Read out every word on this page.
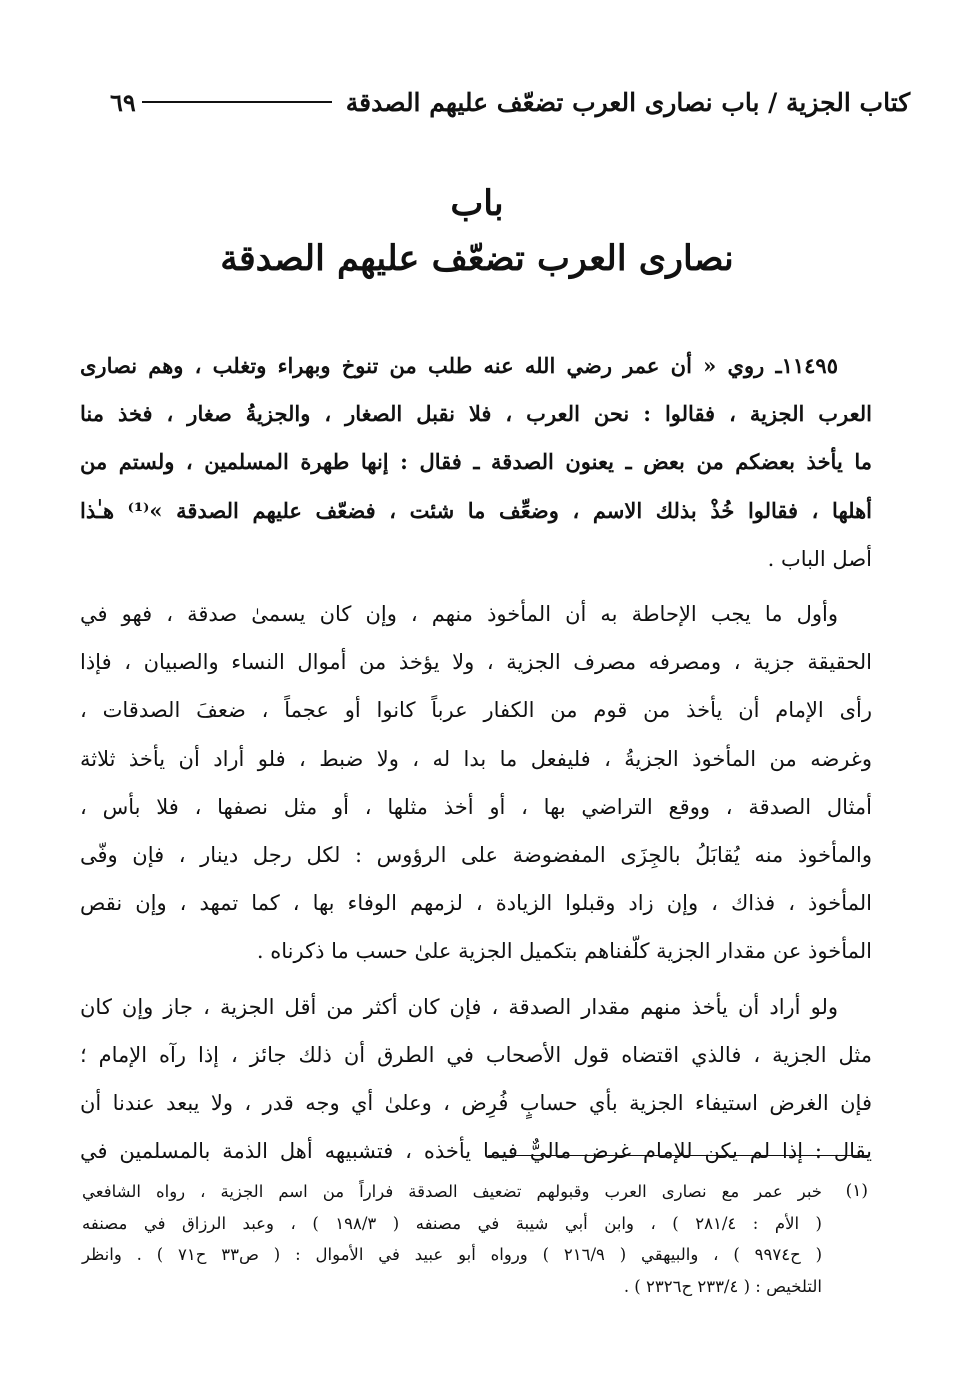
٦٩	كتاب الجزية / باب نصارى العرب تضعّف عليهم الصدقة
باب
نصارى العرب تضعّف عليهم الصدقة

١١٤٩٥ـ روي « أن عمر رضي الله عنه طلب من تنوخ وبهراء وتغلب ، وهم نصارى
العرب الجزية ، فقالوا : نحن العرب ، فلا نقبل الصغار ، والجزيةُ صغار ، فخذ منا
ما يأخذ بعضكم من بعض ـ يعنون الصدقة ـ فقال : إنها طهرة المسلمين ، ولستم من
أهلها ، فقالوا خُذْ بذلك الاسم ، وضعِّف ما شئت ، فضعّف عليهم الصدقة »⁽¹⁾ هـٰذا
أصل الباب .

وأول ما يجب الإحاطة به أن المأخوذ منهم ، وإن كان يسمىٰ صدقة ، فهو في
الحقيقة جزية ، ومصرفه مصرف الجزية ، ولا يؤخذ من أموال النساء والصبيان ، فإذا
رأى الإمام أن يأخذ من قوم من الكفار عرباً كانوا أو عجماً ، ضعفَ الصدقات ،
وغرضه من المأخوذ الجزيةُ ، فليفعل ما بدا له ، ولا ضبط ، فلو أراد أن يأخذ ثلاثة
أمثال الصدقة ، ووقع التراضي بها ، أو أخذ مثلها ، أو مثل نصفها ، فلا بأس ،
والمأخوذ منه يُقابَلُ بالجِزَى المفضوضة على الرؤوس : لكل رجل دينار ، فإن وفّى
المأخوذ ، فذاك ، وإن زاد وقبلوا الزيادة ، لزمهم الوفاء بها ، كما تمهد ، وإن نقص
المأخوذ عن مقدار الجزية كلّفناهم بتكميل الجزية علىٰ حسب ما ذكرناه .

ولو أراد أن يأخذ منهم مقدار الصدقة ، فإن كان أكثر من أقل الجزية ، جاز وإن كان
مثل الجزية ، فالذي اقتضاه قول الأصحاب في الطرق أن ذلك جائز ، إذا رآه الإمام ؛
فإن الغرض استيفاء الجزية بأي حسابٍ فُرِض ، وعلىٰ أي وجه قدر ، ولا يبعد عندنا أن
يقال : إذا لم يكن للإمام غرض ماليٌّ فيما يأخذه ، فتشبيهه أهل الذمة بالمسلمين في

(١)
خبر عمر مع نصارى العرب وقبولهم تضعيف الصدقة فراراً من اسم الجزية ، رواه الشافعي
( الأم : ٢٨١/٤ ) ، وابن أبي شيبة في مصنفه ( ١٩٨/٣ ) ، وعبد الرزاق في مصنفه
( ح٩٩٧٤ ) ، والبيهقي ( ٢١٦/٩ ) ورواه أبو عبيد في الأموال : ( ص٣٣ ح٧١ ) . وانظر
التلخيص : ( ٢٣٣/٤ ح٢٣٢٦ ) .
